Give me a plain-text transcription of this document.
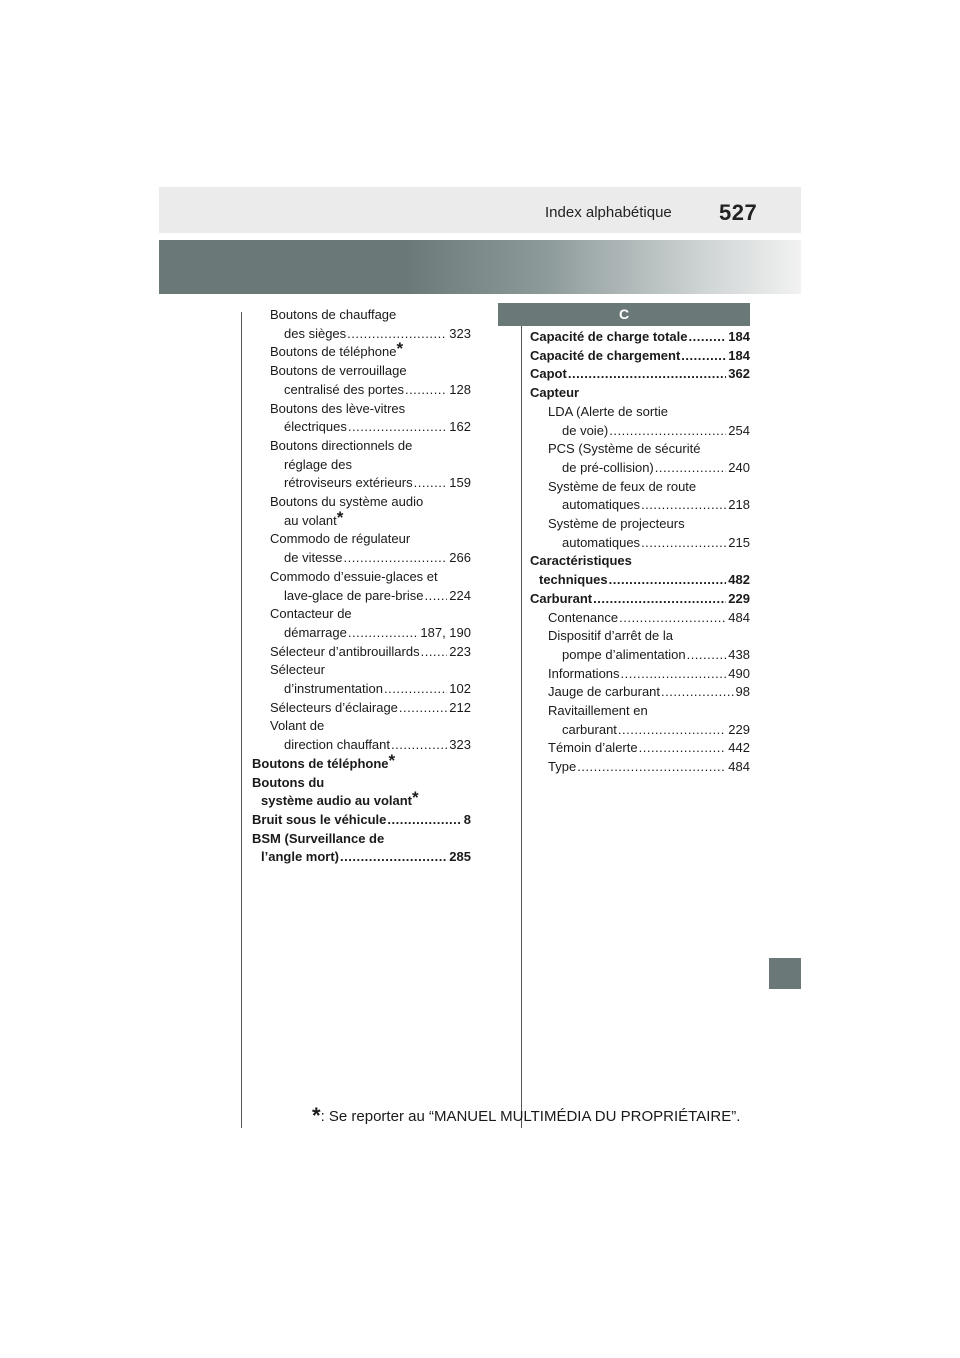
Index alphabétique 527
Boutons de chauffage
des sièges .....	323
Boutons de téléphone*
Boutons de verrouillage
centralisé des portes .....	128
Boutons des lève-vitres
électriques .....	162
Boutons directionnels de
réglage des
rétroviseurs extérieurs .....	159
Boutons du système audio
au volant*
Commodo de régulateur
de vitesse .....	266
Commodo d’essuie-glaces et
lave-glace de pare-brise ..... 224
Contacteur de
démarrage .....	187, 190
Sélecteur d’antibrouillards ..... 223
Sélecteur
d’instrumentation .....	102
Sélecteurs d’éclairage .....	212
Volant de
direction chauffant .....	323
Boutons de téléphone*
Boutons du
système audio au volant*
Bruit sous le véhicule .....	8
BSM (Surveillance de
l’angle mort) .....	285
C
Capacité de charge totale .....	184
Capacité de chargement .....	184
Capot .....	362
Capteur
LDA (Alerte de sortie
de voie) .....	254
PCS (Système de sécurité
de pré-collision) .....	240
Système de feux de route
automatiques .....	218
Système de projecteurs
automatiques .....	215
Caractéristiques
techniques .....	482
Carburant .....	229
Contenance .....	484
Dispositif d’arrêt de la
pompe d’alimentation .....	438
Informations .....	490
Jauge de carburant .....	98
Ravitaillement en
carburant .....	229
Témoin d’alerte .....	442
Type .....	484
*: Se reporter au “MANUEL MULTIMÉDIA DU PROPRIÉTAIRE”.
